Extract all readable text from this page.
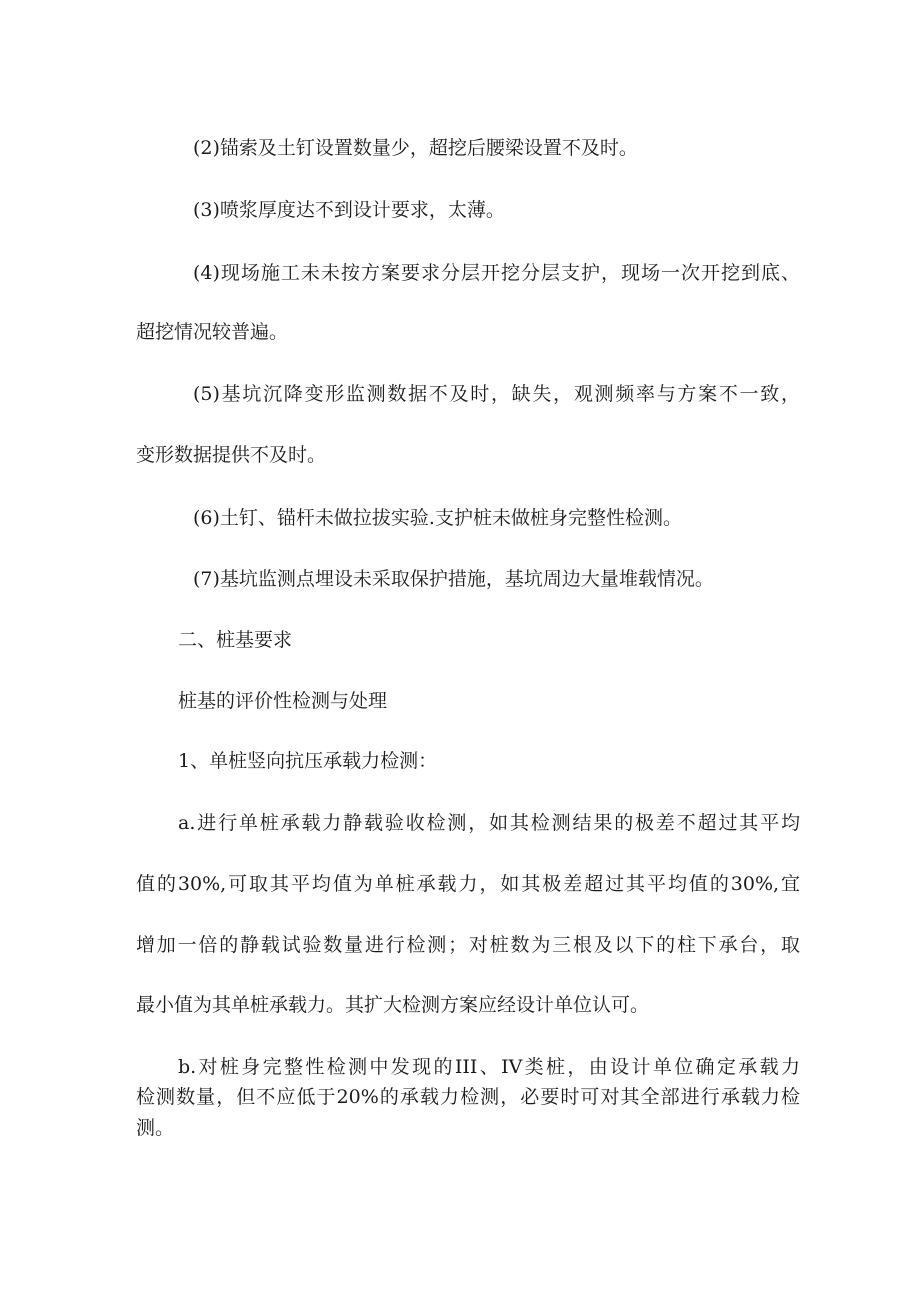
(2)锚索及土钉设置数量少，超挖后腰梁设置不及时。
(3)喷浆厚度达不到设计要求，太薄。
(4)现场施工未未按方案要求分层开挖分层支护，现场一次开挖到底、
超挖情况较普遍。
(5)基坑沉降变形监测数据不及时，缺失，观测频率与方案不一致，
变形数据提供不及时。
(6)土钉、锚杆未做拉拔实验.支护桩未做桩身完整性检测。
(7)基坑监测点埋设未采取保护措施，基坑周边大量堆载情况。
二、桩基要求
桩基的评价性检测与处理
1、单桩竖向抗压承载力检测：
a.进行单桩承载力静载验收检测，如其检测结果的极差不超过其平均
值的30%,可取其平均值为单桩承载力，如其极差超过其平均值的30%,宜
增加一倍的静载试验数量进行检测；对桩数为三根及以下的柱下承台，取
最小值为其单桩承载力。其扩大检测方案应经设计单位认可。
b.对桩身完整性检测中发现的III、IV类桩，由设计单位确定承载力
检测数量，但不应低于20%的承载力检测，必要时可对其全部进行承载力检
测。
